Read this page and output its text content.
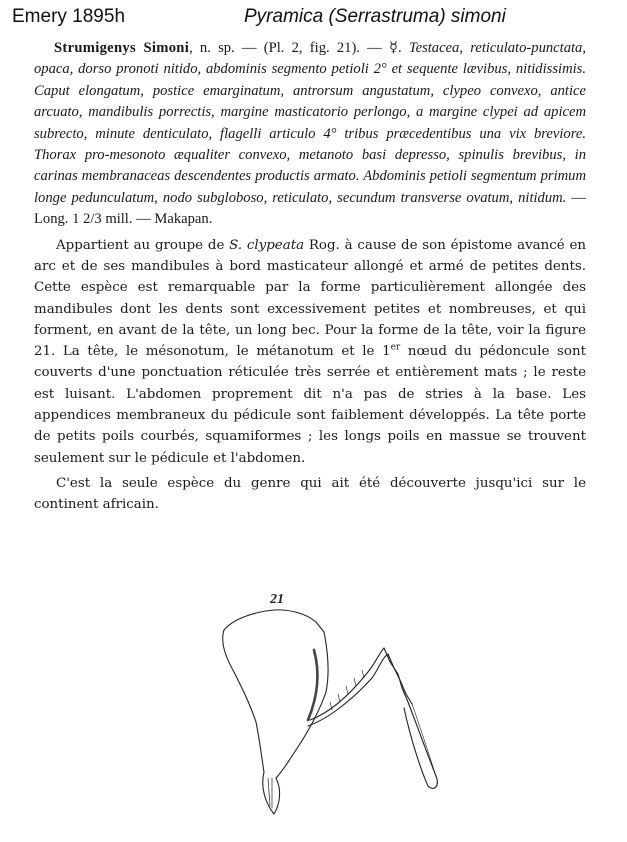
Emery 1895h	Pyramica (Serrastruma) simoni

Strumigenys Simoni, n. sp. — (Pl. 2, fig. 21). — ☿. Testacea, reticulato-punctata, opaca, dorso pronoti nitido, abdominis segmento petioli 2° et sequente lævibus, nitidissimis. Caput elongatum, postice emarginatum, antrorsum angustatum, clypeo convexo, antice arcuato, mandibulis porrectis, margine masticatorio perlongo, a margine clypei ad apicem subrecto, minute denticulato, flagelli articulo 4° tribus præcedentibus una vix breviore. Thorax pro-mesonoto æqualiter convexo, metanoto basi depresso, spinulis brevibus, in carinas membranaceas descendentes productis armato. Abdominis petioli segmentum primum longe pedunculatum, nodo subgloboso, reticulato, secundum transverse ovatum, nitidum. — Long. 1 2/3 mill. — Makapan.

Appartient au groupe de S. clypeata Rog. à cause de son épistome avancé en arc et de ses mandibules à bord masticateur allongé et armé de petites dents. Cette espèce est remarquable par la forme particulièrement allongée des mandibules dont les dents sont excessivement petites et nombreuses, et qui forment, en avant de la tête, un long bec. Pour la forme de la tête, voir la figure 21. La tête, le mésonotum, le métanotum et le 1er nœud du pédoncule sont couverts d'une ponctuation réticulée très serrée et entièrement mats ; le reste est luisant. L'abdomen proprement dit n'a pas de stries à la base. Les appendices membraneux du pédicule sont faiblement développés. La tête porte de petits poils courbés, squamiformes ; les longs poils en massue se trouvent seulement sur le pédicule et l'abdomen.

C'est la seule espèce du genre qui ait été découverte jusqu'ici sur le continent africain.

21
